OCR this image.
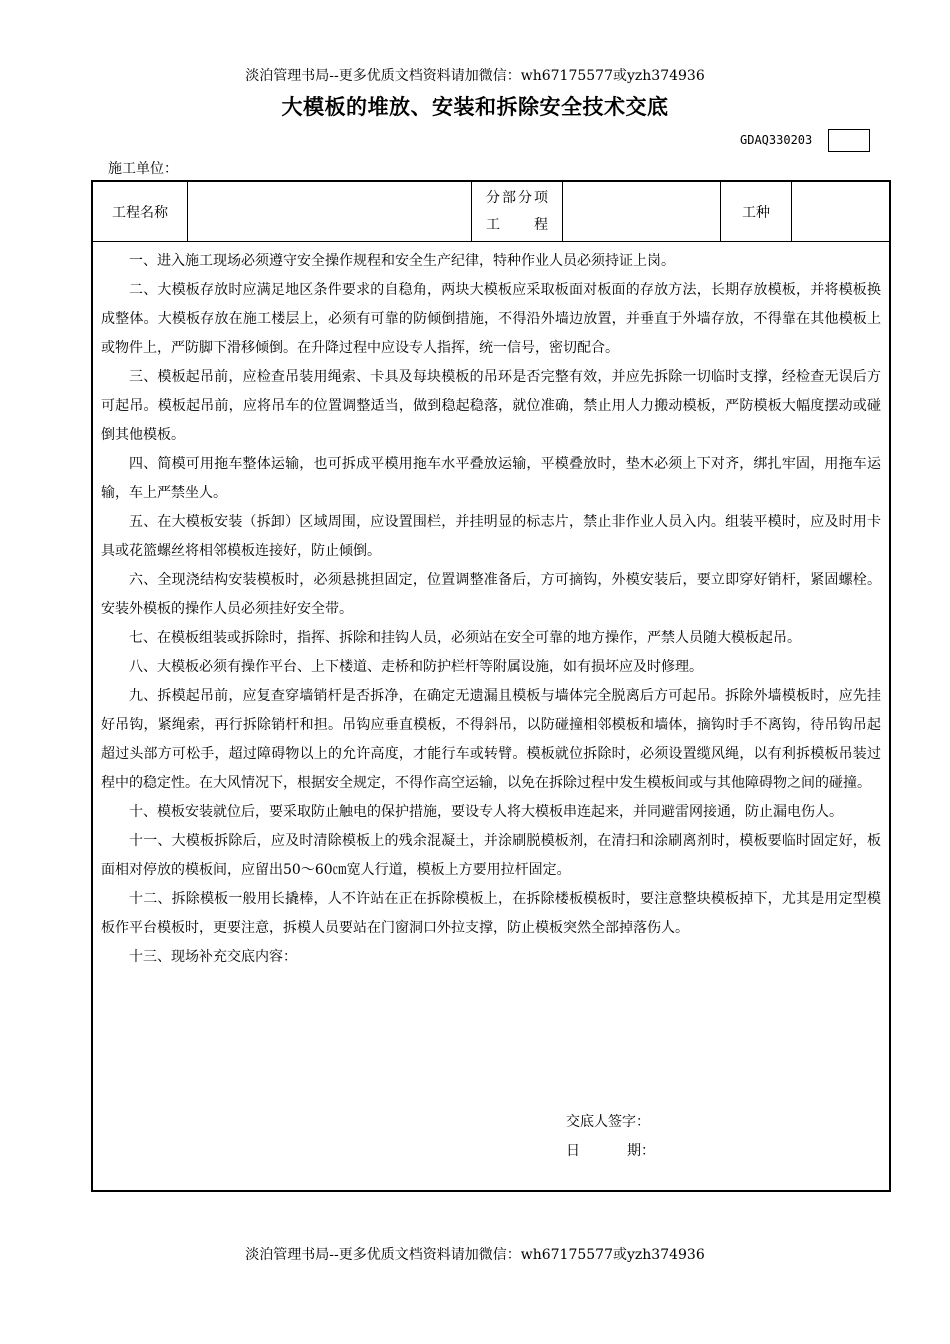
淡泊管理书局--更多优质文档资料请加微信：wh67175577或yzh374936
大模板的堆放、安装和拆除安全技术交底
GDAQ330203
施工单位：
工程名称
分部分项
工　程
工种

一、进入施工现场必须遵守安全操作规程和安全生产纪律，特种作业人员必须持证上岗。

二、大模板存放时应满足地区条件要求的自稳角，两块大模板应采取板面对板面的存放方法，长期存放模板，并将模板换成整体。大模板存放在施工楼层上，必须有可靠的防倾倒措施，不得沿外墙边放置，并垂直于外墙存放，不得靠在其他模板上或物件上，严防脚下滑移倾倒。在升降过程中应设专人指挥，统一信号，密切配合。

三、模板起吊前，应检查吊装用绳索、卡具及每块模板的吊环是否完整有效，并应先拆除一切临时支撑，经检查无误后方可起吊。模板起吊前，应将吊车的位置调整适当，做到稳起稳落，就位准确，禁止用人力搬动模板，严防模板大幅度摆动或碰倒其他模板。

四、简模可用拖车整体运输，也可拆成平模用拖车水平叠放运输，平模叠放时，垫木必须上下对齐，绑扎牢固，用拖车运输，车上严禁坐人。

五、在大模板安装（拆卸）区域周围，应设置围栏，并挂明显的标志片，禁止非作业人员入内。组装平模时，应及时用卡具或花篮螺丝将相邻模板连接好，防止倾倒。

六、全现浇结构安装模板时，必须悬挑担固定，位置调整准备后，方可摘钩，外模安装后，要立即穿好销杆，紧固螺栓。安装外模板的操作人员必须挂好安全带。

七、在模板组装或拆除时，指挥、拆除和挂钩人员，必须站在安全可靠的地方操作，严禁人员随大模板起吊。

八、大模板必须有操作平台、上下楼道、走桥和防护栏杆等附属设施，如有损坏应及时修理。

九、拆模起吊前，应复查穿墙销杆是否拆净，在确定无遗漏且模板与墙体完全脱离后方可起吊。拆除外墙模板时，应先挂好吊钩，紧绳索，再行拆除销杆和担。吊钩应垂直模板，不得斜吊，以防碰撞相邻模板和墙体，摘钩时手不离钩，待吊钩吊起超过头部方可松手，超过障碍物以上的允许高度，才能行车或转臂。模板就位拆除时，必须设置缆风绳，以有利拆模板吊装过程中的稳定性。在大风情况下，根据安全规定，不得作高空运输，以免在拆除过程中发生模板间或与其他障碍物之间的碰撞。

十、模板安装就位后，要采取防止触电的保护措施，要设专人将大模板串连起来，并同避雷网接通，防止漏电伤人。

十一、大模板拆除后，应及时清除模板上的残余混凝土，并涂刷脱模板剂，在清扫和涂刷离剂时，模板要临时固定好，板面相对停放的模板间，应留出50～60㎝宽人行道，模板上方要用拉杆固定。

十二、拆除模板一般用长撬棒，人不许站在正在拆除模板上，在拆除楼板模板时，要注意整块模板掉下，尤其是用定型模板作平台模板时，更要注意，拆模人员要站在门窗洞口外拉支撑，防止模板突然全部掉落伤人。

十三、现场补充交底内容：

交底人签字：
日	期：
淡泊管理书局--更多优质文档资料请加微信：wh67175577或yzh374936
